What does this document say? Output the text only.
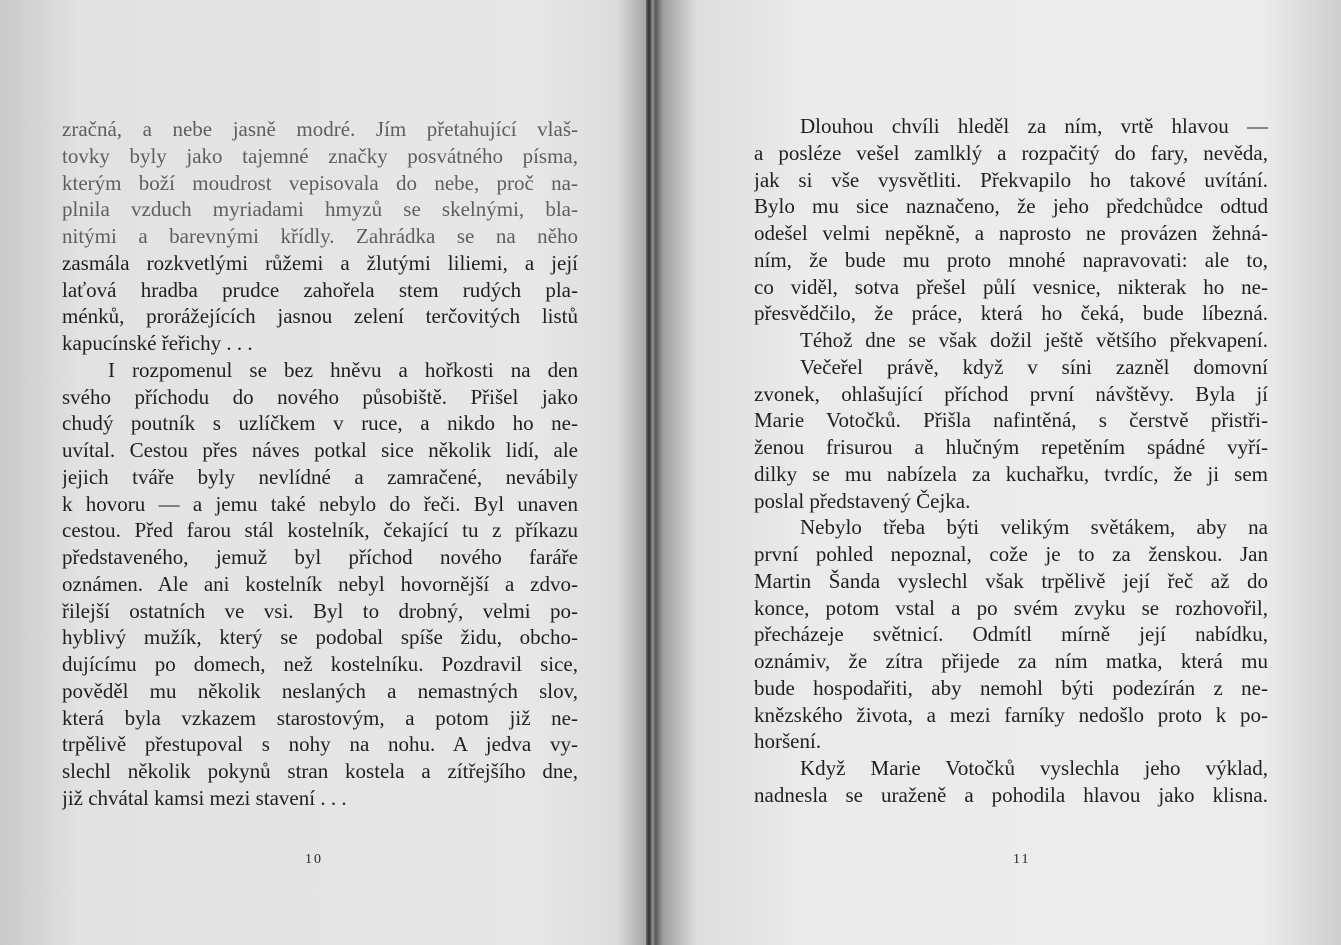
zračná, a nebe jasně modré. Jím přetahující vlaš-
tovky byly jako tajemné značky posvátného písma,
kterým boží moudrost vepisovala do nebe, proč na-
plnila vzduch myriadami hmyzů se skelnými, bla-
nitými a barevnými křídly. Zahrádka se na něho
zasmála rozkvetlými růžemi a žlutými liliemi, a její
laťová hradba prudce zahořela stem rudých pla-
ménků, prorážejících jasnou zelení terčovitých listů
kapucínské řeřichy . . .
I rozpomenul se bez hněvu a hořkosti na den
svého příchodu do nového působiště. Přišel jako
chudý poutník s uzlíčkem v ruce, a nikdo ho ne-
uvítal. Cestou přes náves potkal sice několik lidí, ale
jejich tváře byly nevlídné a zamračené, nevábily
k hovoru — a jemu také nebylo do řeči. Byl unaven
cestou. Před farou stál kostelník, čekající tu z příkazu
představeného, jemuž byl příchod nového faráře
oznámen. Ale ani kostelník nebyl hovornější a zdvo-
řilejší ostatních ve vsi. Byl to drobný, velmi po-
hyblivý mužík, který se podobal spíše židu, obcho-
dujícímu po domech, než kostelníku. Pozdravil sice,
pověděl mu několik neslaných a nemastných slov,
která byla vzkazem starostovým, a potom již ne-
trpělivě přestupoval s nohy na nohu. A jedva vy-
slechl několik pokynů stran kostela a zítřejšího dne,
již chvátal kamsi mezi stavení . . .
10
Dlouhou chvíli hleděl za ním, vrtě hlavou —
a posléze vešel zamlklý a rozpačitý do fary, nevěda,
jak si vše vysvětliti. Překvapilo ho takové uvítání.
Bylo mu sice naznačeno, že jeho předchůdce odtud
odešel velmi nepěkně, a naprosto ne provázen žehná-
ním, že bude mu proto mnohé napravovati: ale to,
co viděl, sotva přešel půlí vesnice, nikterak ho ne-
přesvědčilo, že práce, která ho čeká, bude líbezná.
Téhož dne se však dožil ještě většího překvapení.
Večeřel právě, když v síni zazněl domovní
zvonek, ohlašující příchod první návštěvy. Byla jí
Marie Votočků. Přišla nafintěná, s čerstvě přistři-
ženou frisurou a hlučným repetěním spádné vyří-
dilky se mu nabízela za kuchařku, tvrdíc, že ji sem
poslal představený Čejka.
Nebylo třeba býti velikým světákem, aby na
první pohled nepoznal, cože je to za ženskou. Jan
Martin Šanda vyslechl však trpělivě její řeč až do
konce, potom vstal a po svém zvyku se rozhovořil,
přecházeje světnicí. Odmítl mírně její nabídku,
oznámiv, že zítra přijede za ním matka, která mu
bude hospodařiti, aby nemohl býti podezírán z ne-
knězského života, a mezi farníky nedošlo proto k po-
horšení.
Když Marie Votočků vyslechla jeho výklad,
nadnesla se uraženě a pohodila hlavou jako klisna.
11
